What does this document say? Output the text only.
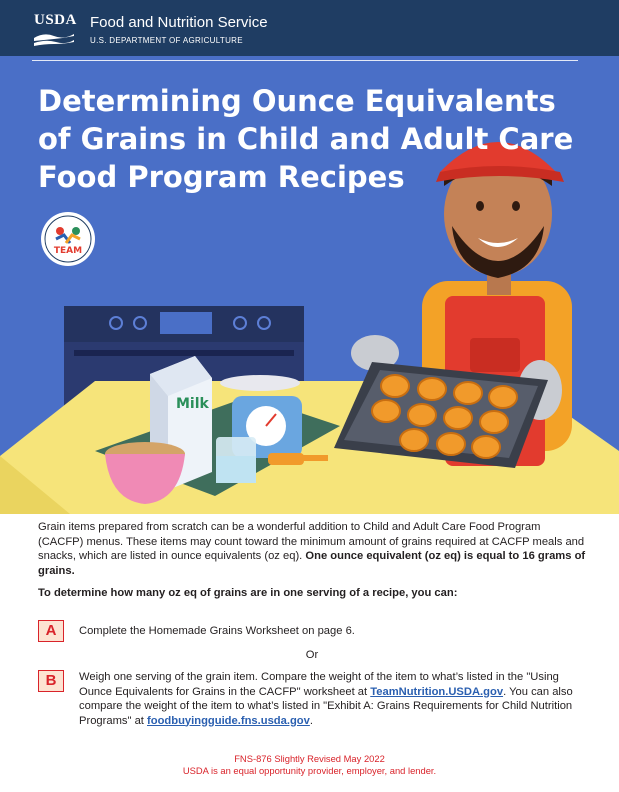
USDA Food and Nutrition Service
U.S. DEPARTMENT OF AGRICULTURE
Milk
Determining Ounce Equivalents
of Grains in Child and Adult Care
Food Program Recipes
TEAM
Grain items prepared from scratch can be a wonderful addition to Child and Adult Care Food Program (CACFP) menus. These items may count toward the minimum amount of grains required at CACFP meals and snacks, which are listed in ounce equivalents (oz eq). One ounce equivalent (oz eq) is equal to 16 grams of grains.
To determine how many oz eq of grains are in one serving of a recipe, you can:
A	Complete the Homemade Grains Worksheet on page 6.
Or
B	Weigh one serving of the grain item. Compare the weight of the item to what’s listed in the "Using Ounce Equivalents for Grains in the CACFP" worksheet at TeamNutrition.USDA.gov. You can also compare the weight of the item to what’s listed in "Exhibit A: Grains Requirements for Child Nutrition Programs" at foodbuyingguide.fns.usda.gov.
FNS-876 Slightly Revised May 2022
USDA is an equal opportunity provider, employer, and lender.
